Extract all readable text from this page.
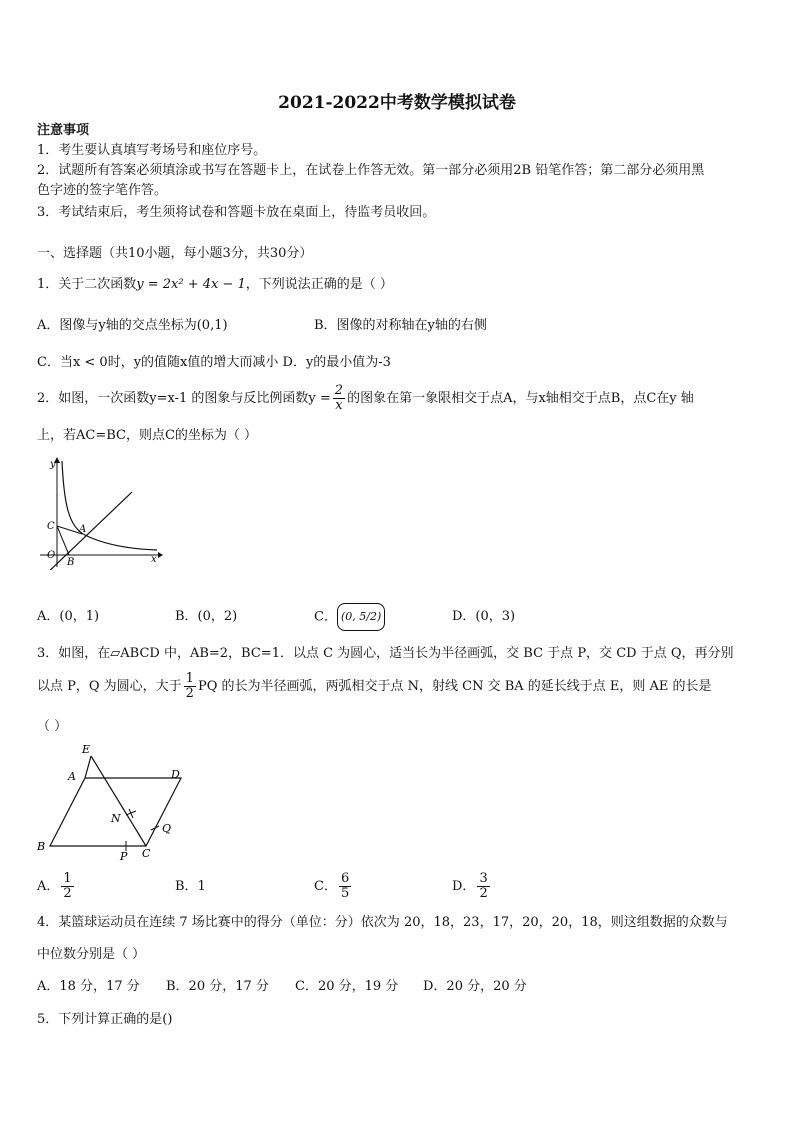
2021-2022中考数学模拟试卷
注意事项
1．考生要认真填写考场号和座位序号。
2．试题所有答案必须填涂或书写在答题卡上，在试卷上作答无效。第一部分必须用2B 铅笔作答；第二部分必须用黑
色字迹的签字笔作答。
3．考试结束后，考生须将试卷和答题卡放在桌面上，待监考员收回。
一、选择题（共10小题，每小题3分，共30分）
1．关于二次函数y = 2x² + 4x − 1，下列说法正确的是（ ）
A．图像与y轴的交点坐标为(0,1)	B．图像的对称轴在y轴的右侧
C．当x < 0时，y的值随x值的增大而减小 D．y的最小值为-3
2．如图，一次函数y=x-1 的图象与反比例函数$y = \frac{2}{x}$ 的图象在第一象限相交于点A，与x轴相交于点B，点C在y 轴
上，若AC=BC，则点C的坐标为（ ）
y
x
O
B
C A
A．(0，1)	B．(0，2)	C． (0, 5/2)	D．(0，3)
3．如图，在▱ABCD 中，AB=2，BC=1．以点 C 为圆心，适当长为半径画弧，交 BC 于点 P，交 CD 于点 Q，再分别
以点 P，Q 为圆心，大于 $\frac{1}{2}$ PQ 的长为半径画弧，两弧相交于点 N，射线 CN 交 BA 的延长线于点 E，则 AE 的长是
（ ）
E
A	D
N
Q
B
P C
A． $\frac{1}{2}$	B．1	C． $\frac{6}{5}$	D． $\frac{3}{2}$
4．某篮球运动员在连续 7 场比赛中的得分（单位：分）依次为 20，18，23，17，20，20，18，则这组数据的众数与
中位数分别是（ ）
A．18 分，17 分 B．20 分，17 分 C．20 分，19 分 D．20 分，20 分
5．下列计算正确的是()
